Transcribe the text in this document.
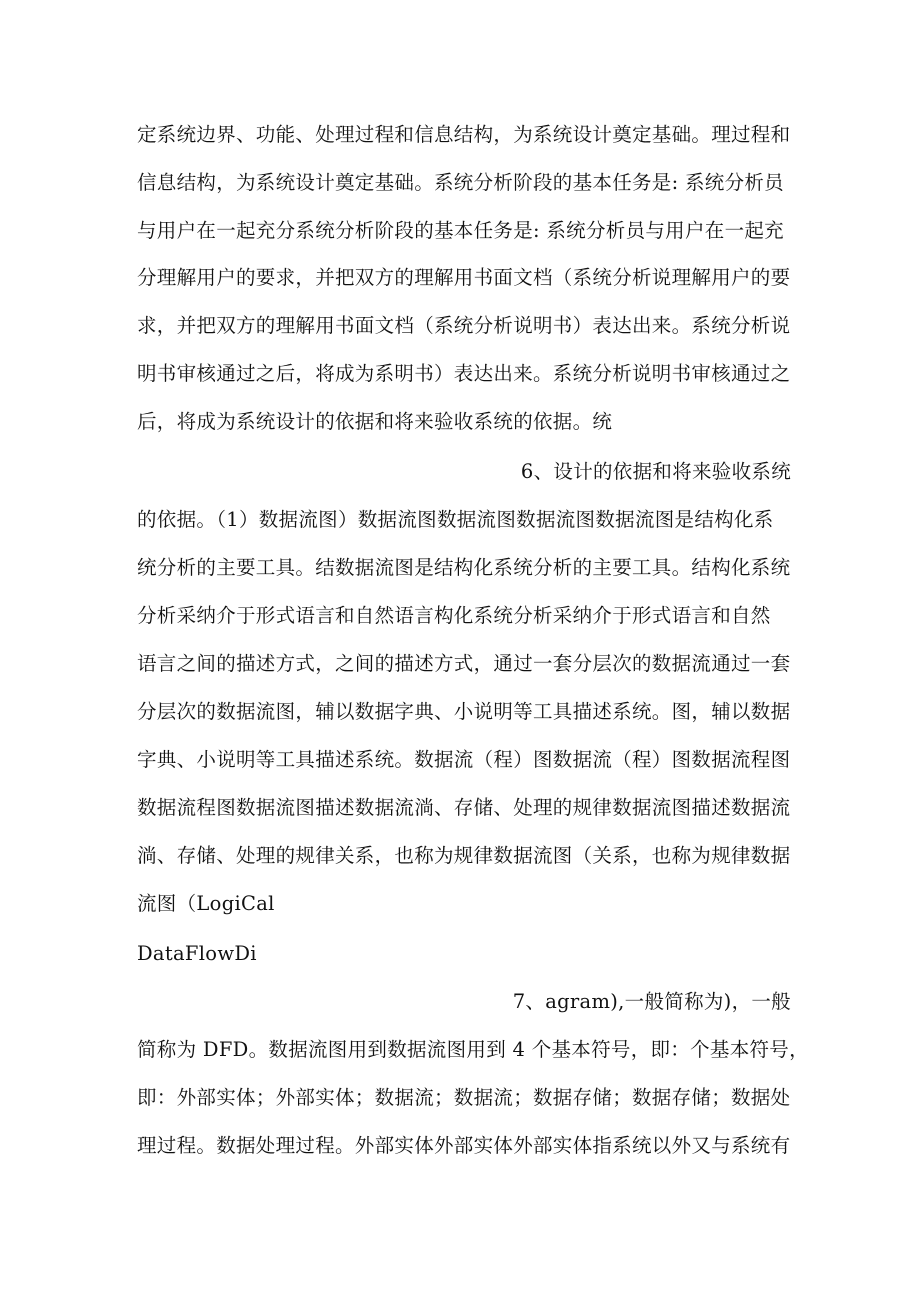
定系统边界、功能、处理过程和信息结构，为系统设计奠定基础。理过程和
信息结构，为系统设计奠定基础。系统分析阶段的基本任务是: 系统分析员
与用户在一起充分系统分析阶段的基本任务是: 系统分析员与用户在一起充
分理解用户的要求，并把双方的理解用书面文档（系统分析说理解用户的要
求，并把双方的理解用书面文档（系统分析说明书）表达出来。系统分析说
明书审核通过之后，将成为系明书）表达出来。系统分析说明书审核通过之
后，将成为系统设计的依据和将来验收系统的依据。统
6、设计的依据和将来验收系统
的依据。（1）数据流图）数据流图数据流图数据流图数据流图是结构化系
统分析的主要工具。结数据流图是结构化系统分析的主要工具。结构化系统
分析采纳介于形式语言和自然语言构化系统分析采纳介于形式语言和自然
语言之间的描述方式，之间的描述方式，通过一套分层次的数据流通过一套
分层次的数据流图，辅以数据字典、小说明等工具描述系统。图，辅以数据
字典、小说明等工具描述系统。数据流（程）图数据流（程）图数据流程图
数据流程图数据流图描述数据流淌、存储、处理的规律数据流图描述数据流
淌、存储、处理的规律关系，也称为规律数据流图（关系，也称为规律数据
流图（LogiCal
DataFlowDi
7、agram),一般简称为)，一般
简称为 DFD。数据流图用到数据流图用到 4 个基本符号，即：个基本符号，
即：外部实体；外部实体；数据流；数据流；数据存储；数据存储；数据处
理过程。数据处理过程。外部实体外部实体外部实体指系统以外又与系统有
